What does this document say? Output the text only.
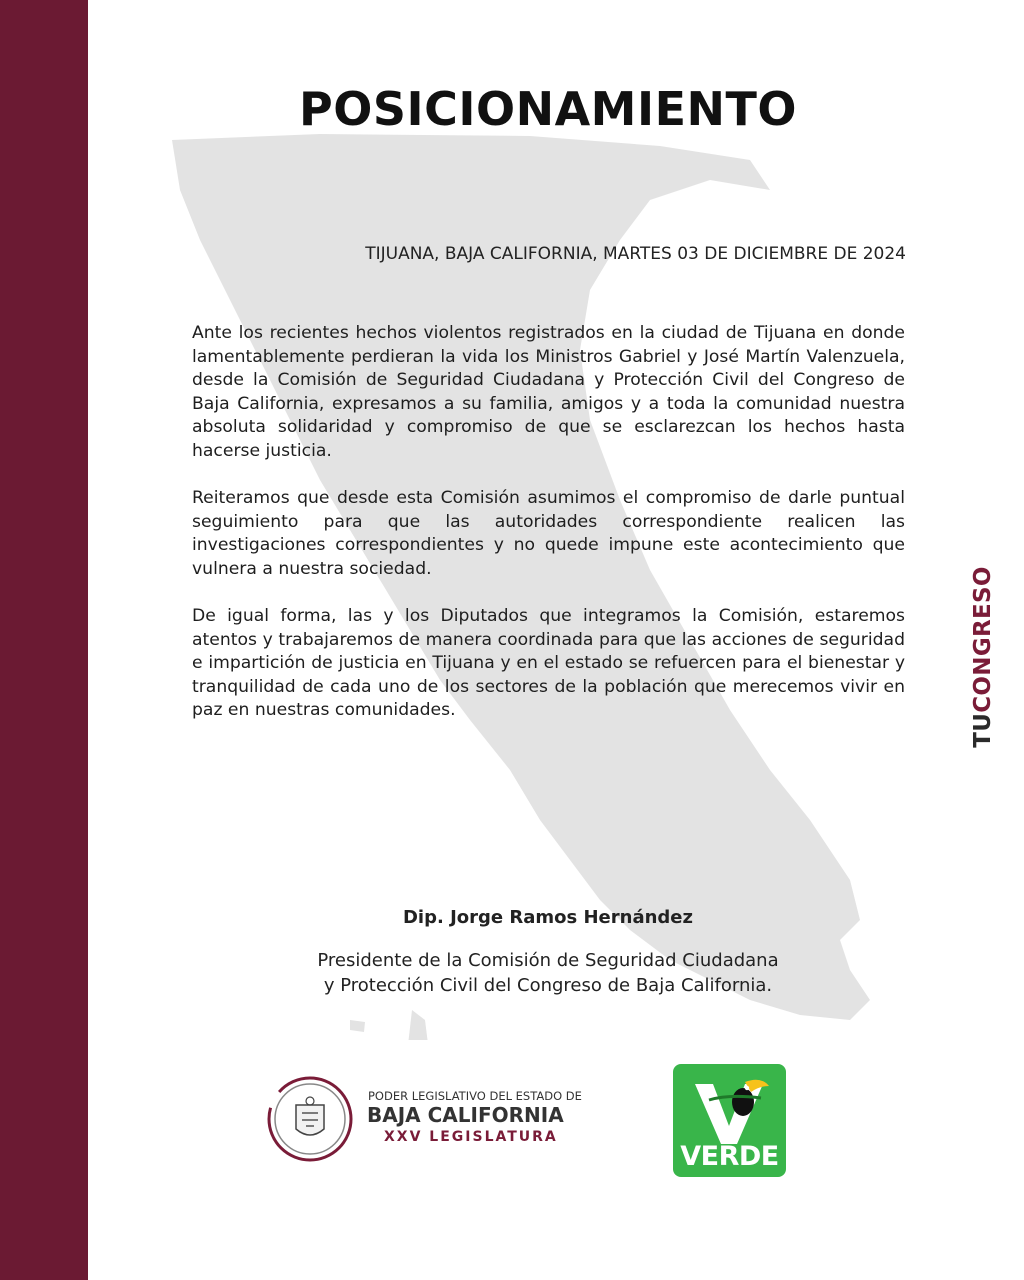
POSICIONAMIENTO
TIJUANA, BAJA CALIFORNIA, MARTES 03 DE DICIEMBRE DE 2024

Ante los recientes hechos violentos registrados en la ciudad de Tijuana en donde lamentablemente perdieran la vida los Ministros Gabriel y José Martín Valenzuela, desde la Comisión de Seguridad Ciudadana y Protección Civil del Congreso de Baja California, expresamos a su familia, amigos y a toda la comunidad nuestra absoluta solidaridad y compromiso de que se esclarezcan los hechos hasta hacerse justicia.

Reiteramos que desde esta Comisión asumimos el compromiso de darle puntual seguimiento para que las autoridades correspondiente realicen las investigaciones correspondientes y no quede impune este acontecimiento que vulnera a nuestra sociedad.

De igual forma, las y los Diputados que integramos la Comisión, estaremos atentos y trabajaremos de manera coordinada para que las acciones de seguridad e impartición de justicia en Tijuana y en el estado se refuercen para el bienestar y tranquilidad de cada uno de los sectores de la población que merecemos vivir en paz en nuestras comunidades.

Dip. Jorge Ramos Hernández
Presidente de la Comisión de Seguridad Ciudadana
y Protección Civil del Congreso de Baja California.
TUCONGRESO
PODER LEGISLATIVO DEL ESTADO DE
BAJA CALIFORNIA
XXV LEGISLATURA
VERDE
